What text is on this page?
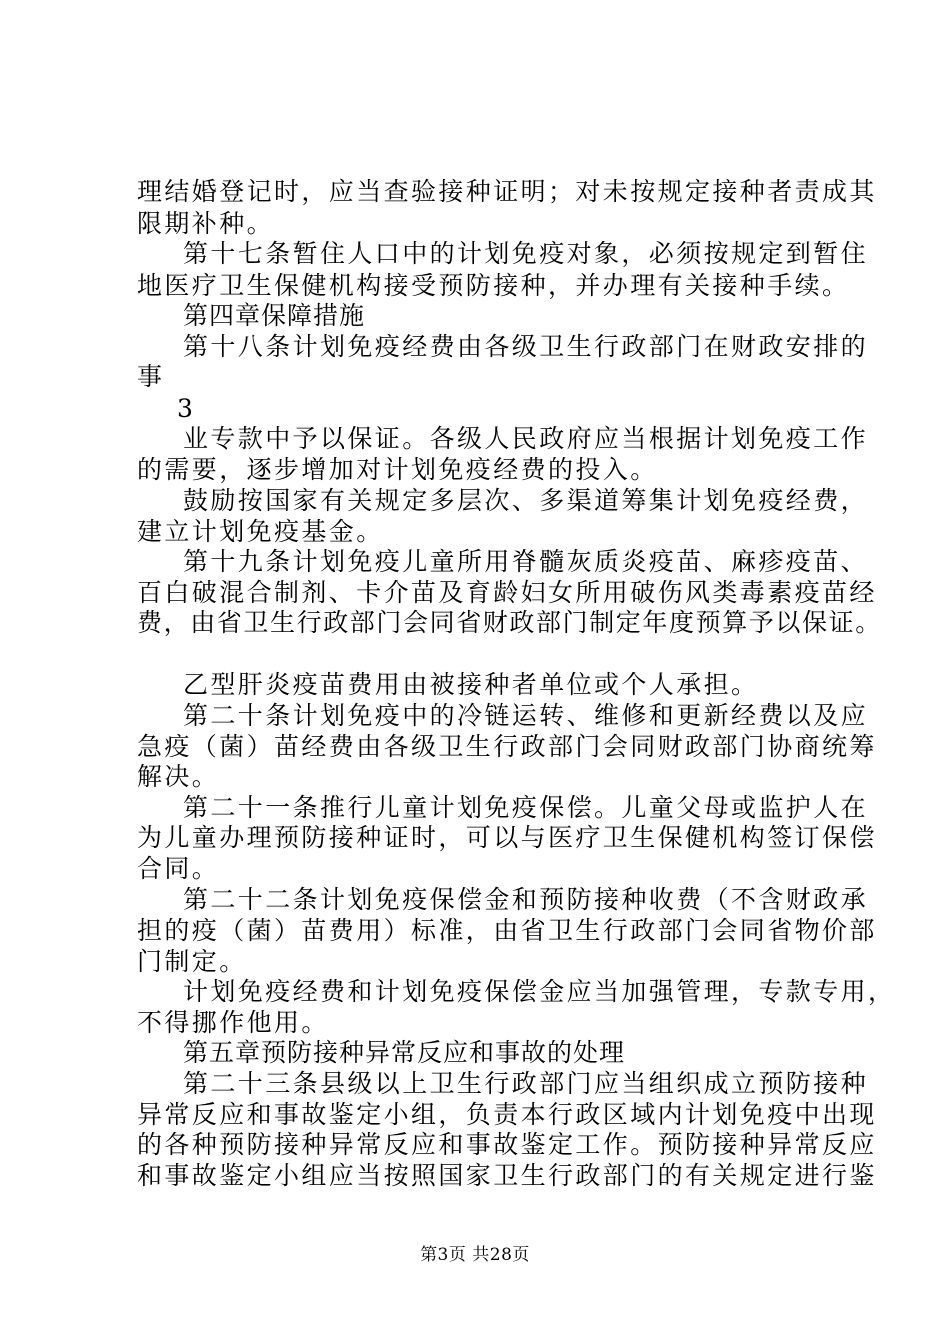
理结婚登记时，应当查验接种证明；对未按规定接种者责成其
限期补种。
第十七条暂住人口中的计划免疫对象，必须按规定到暂住
地医疗卫生保健机构接受预防接种，并办理有关接种手续。
第四章保障措施
第十八条计划免疫经费由各级卫生行政部门在财政安排的
事
3
业专款中予以保证。各级人民政府应当根据计划免疫工作
的需要，逐步增加对计划免疫经费的投入。
鼓励按国家有关规定多层次、多渠道筹集计划免疫经费，
建立计划免疫基金。
第十九条计划免疫儿童所用脊髓灰质炎疫苗、麻疹疫苗、
百白破混合制剂、卡介苗及育龄妇女所用破伤风类毒素疫苗经
费，由省卫生行政部门会同省财政部门制定年度预算予以保证。
乙型肝炎疫苗费用由被接种者单位或个人承担。
第二十条计划免疫中的冷链运转、维修和更新经费以及应
急疫（菌）苗经费由各级卫生行政部门会同财政部门协商统筹
解决。
第二十一条推行儿童计划免疫保偿。儿童父母或监护人在
为儿童办理预防接种证时，可以与医疗卫生保健机构签订保偿
合同。
第二十二条计划免疫保偿金和预防接种收费（不含财政承
担的疫（菌）苗费用）标准，由省卫生行政部门会同省物价部
门制定。
计划免疫经费和计划免疫保偿金应当加强管理，专款专用，
不得挪作他用。
第五章预防接种异常反应和事故的处理
第二十三条县级以上卫生行政部门应当组织成立预防接种
异常反应和事故鉴定小组，负责本行政区域内计划免疫中出现
的各种预防接种异常反应和事故鉴定工作。预防接种异常反应
和事故鉴定小组应当按照国家卫生行政部门的有关规定进行鉴
第3页 共28页
